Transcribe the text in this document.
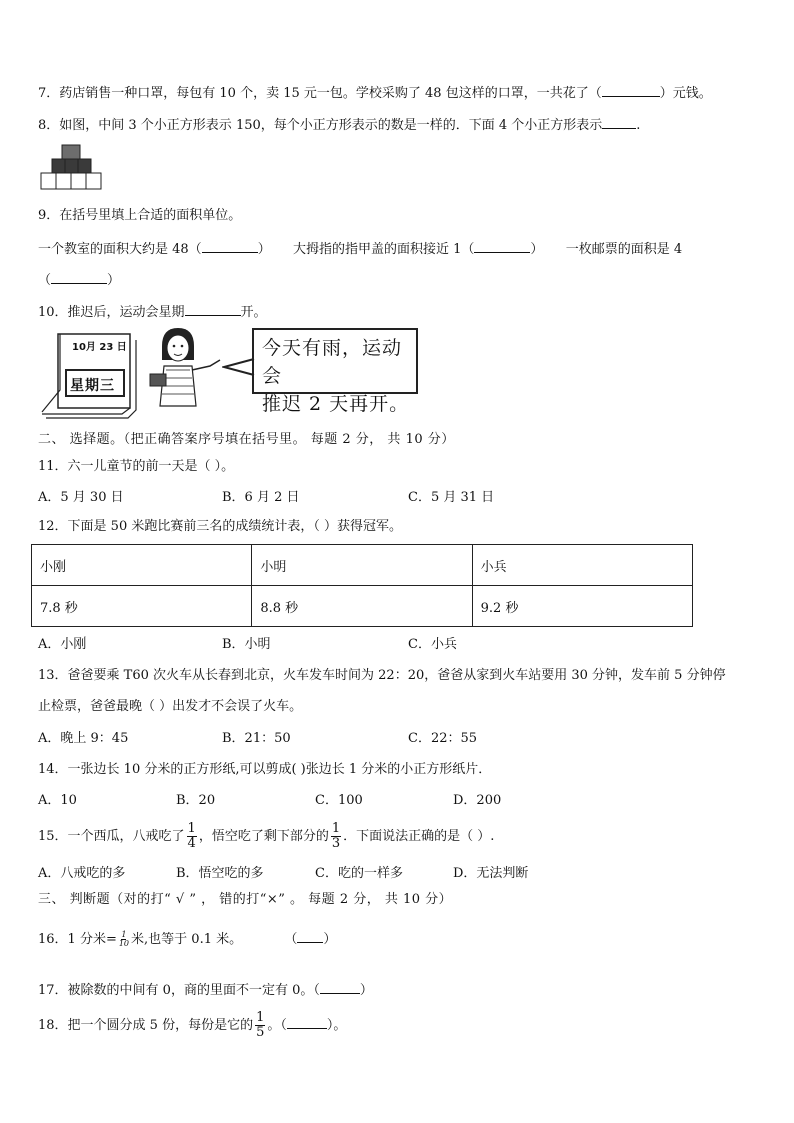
7．药店销售一种口罩，每包有 10 个，卖 15 元一包。学校采购了 48 包这样的口罩，一共花了（	）元钱。
8．如图，中间 3 个小正方形表示 150，每个小正方形表示的数是一样的．下面 4 个小正方形表示	.
9．在括号里填上合适的面积单位。
一个教室的面积大约是 48（	） 大拇指的指甲盖的面积接近 1（	） 一枚邮票的面积是 4
（	）
10．推迟后，运动会星期	开。
10月 23 日
星期三
今天有雨，运动会
推迟 2 天再开。
二、 选择题。（把正确答案序号填在括号里。 每题 2 分， 共 10 分）
11．六一儿童节的前一天是（ ）。
A．5 月 30 日	B．6 月 2 日	C．5 月 31 日
12．下面是 50 米跑比赛前三名的成绩统计表，（ ）获得冠军。
小刚	小明	小兵
7.8 秒	8.8 秒	9.2 秒
A．小刚	B．小明	C．小兵
13．爸爸要乘 T60 次火车从长春到北京，火车发车时间为 22：20，爸爸从家到火车站要用 30 分钟，发车前 5 分钟停
止检票，爸爸最晚（ ）出发才不会误了火车。
A．晚上 9：45	B．21：50	C．22：55
14．一张边长 10 分米的正方形纸,可以剪成( )张边长 1 分米的小正方形纸片．
A．10	B．20	C．100	D．200
15．一个西瓜，八戒吃了 $\frac{1}{4}$ ，悟空吃了剩下部分的 $\frac{1}{3}$ ．下面说法正确的是（ ）.
A．八戒吃的多	B．悟空吃的多	C．吃的一样多	D．无法判断
三、 判断题（对的打“ √ ” ， 错的打“×” 。 每题 2 分， 共 10 分）
16．1 分米= $\frac{1}{10}$ 米,也等于 0.1 米。	（ ）
17．被除数的中间有 0，商的里面不一定有 0。（	）
18．把一个圆分成 5 份，每份是它的 $\frac{1}{5}$ 。（	）。
